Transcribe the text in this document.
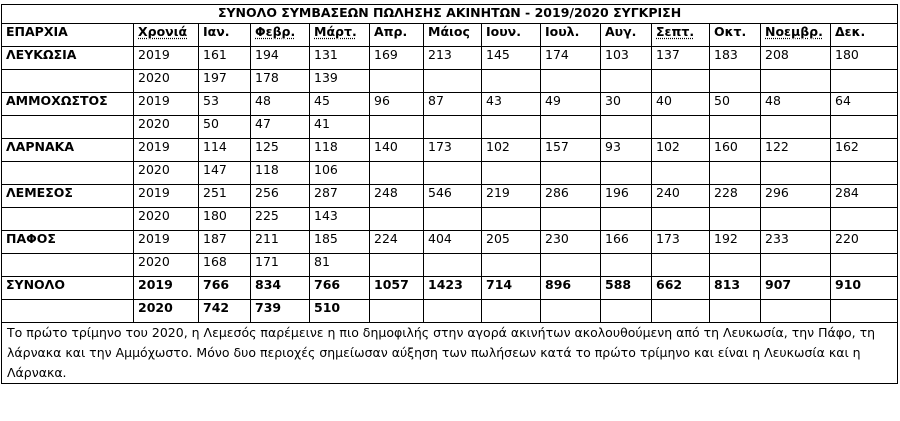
ΣΥΝΟΛΟ ΣΥΜΒΑΣΕΩΝ ΠΩΛΗΣΗΣ ΑΚΙΝΗΤΩΝ - 2019/2020 ΣΥΓΚΡΙΣΗ													
ΕΠΑΡΧΙΑ	Χρονιά	Ιαν.	Φεβρ.	Μάρτ.	Απρ.	Μάιος	Ιουν.	Ιουλ.	Αυγ.	Σεπτ.	Οκτ.	Νοεμβρ.	Δεκ.
ΛΕΥΚΩΣΙΑ	2019	161	194	131	169	213	145	174	103	137	183	208	180
	2020	197	178	139									
ΑΜΜΟΧΩΣΤΟΣ	2019	53	48	45	96	87	43	49	30	40	50	48	64
	2020	50	47	41									
ΛΑΡΝΑΚΑ	2019	114	125	118	140	173	102	157	93	102	160	122	162
	2020	147	118	106									
ΛΕΜΕΣΟΣ	2019	251	256	287	248	546	219	286	196	240	228	296	284
	2020	180	225	143									
ΠΑΦΟΣ	2019	187	211	185	224	404	205	230	166	173	192	233	220
	2020	168	171	81									
ΣΥΝΟΛΟ	2019	766	834	766	1057	1423	714	896	588	662	813	907	910
	2020	742	739	510									
Το πρώτο τρίμηνο του 2020, η Λεμεσός παρέμεινε η πιο δημοφιλής στην αγορά ακινήτων ακολουθούμενη από τη Λευκωσία, την Πάφο, τη λάρνακα και την Αμμόχωστο. Μόνο δυο περιοχές σημείωσαν αύξηση των πωλήσεων κατά το πρώτο τρίμηνο και είναι η Λευκωσία και η Λάρνακα.													
